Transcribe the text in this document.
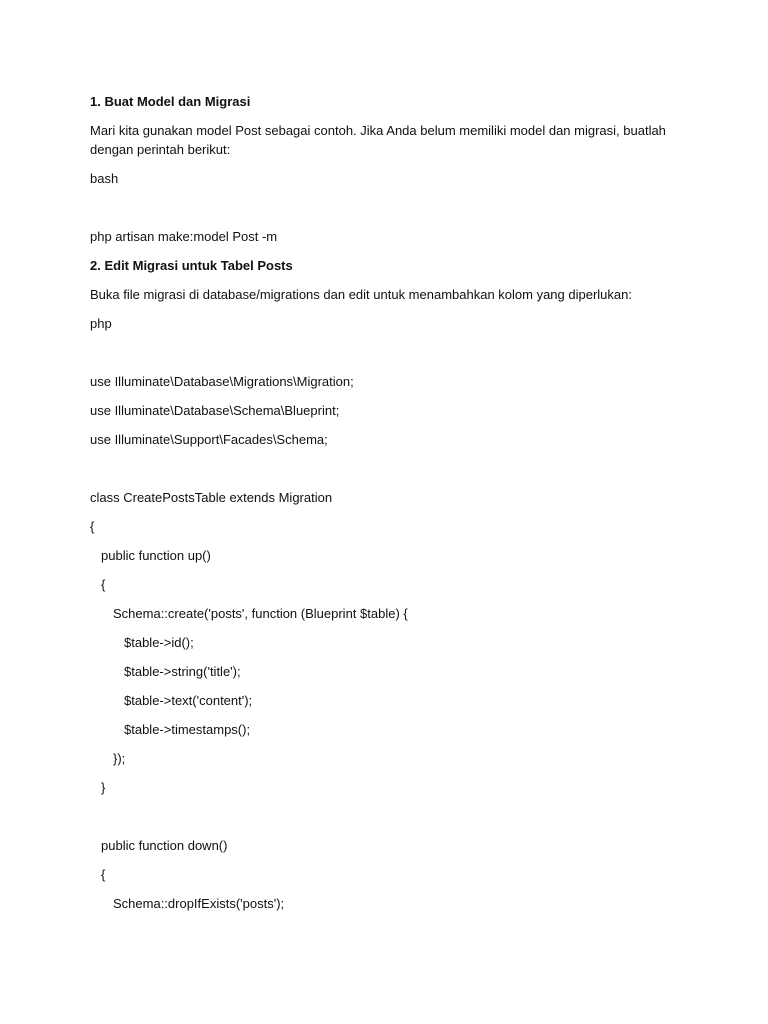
1. Buat Model dan Migrasi
Mari kita gunakan model Post sebagai contoh. Jika Anda belum memiliki model dan migrasi, buatlah dengan perintah berikut:
bash
php artisan make:model Post -m
2. Edit Migrasi untuk Tabel Posts
Buka file migrasi di database/migrations dan edit untuk menambahkan kolom yang diperlukan:
php
use Illuminate\Database\Migrations\Migration;
use Illuminate\Database\Schema\Blueprint;
use Illuminate\Support\Facades\Schema;
class CreatePostsTable extends Migration
{
public function up()
{
Schema::create('posts', function (Blueprint $table) {
$table->id();
$table->string('title');
$table->text('content');
$table->timestamps();
});
}
public function down()
{
Schema::dropIfExists('posts');
